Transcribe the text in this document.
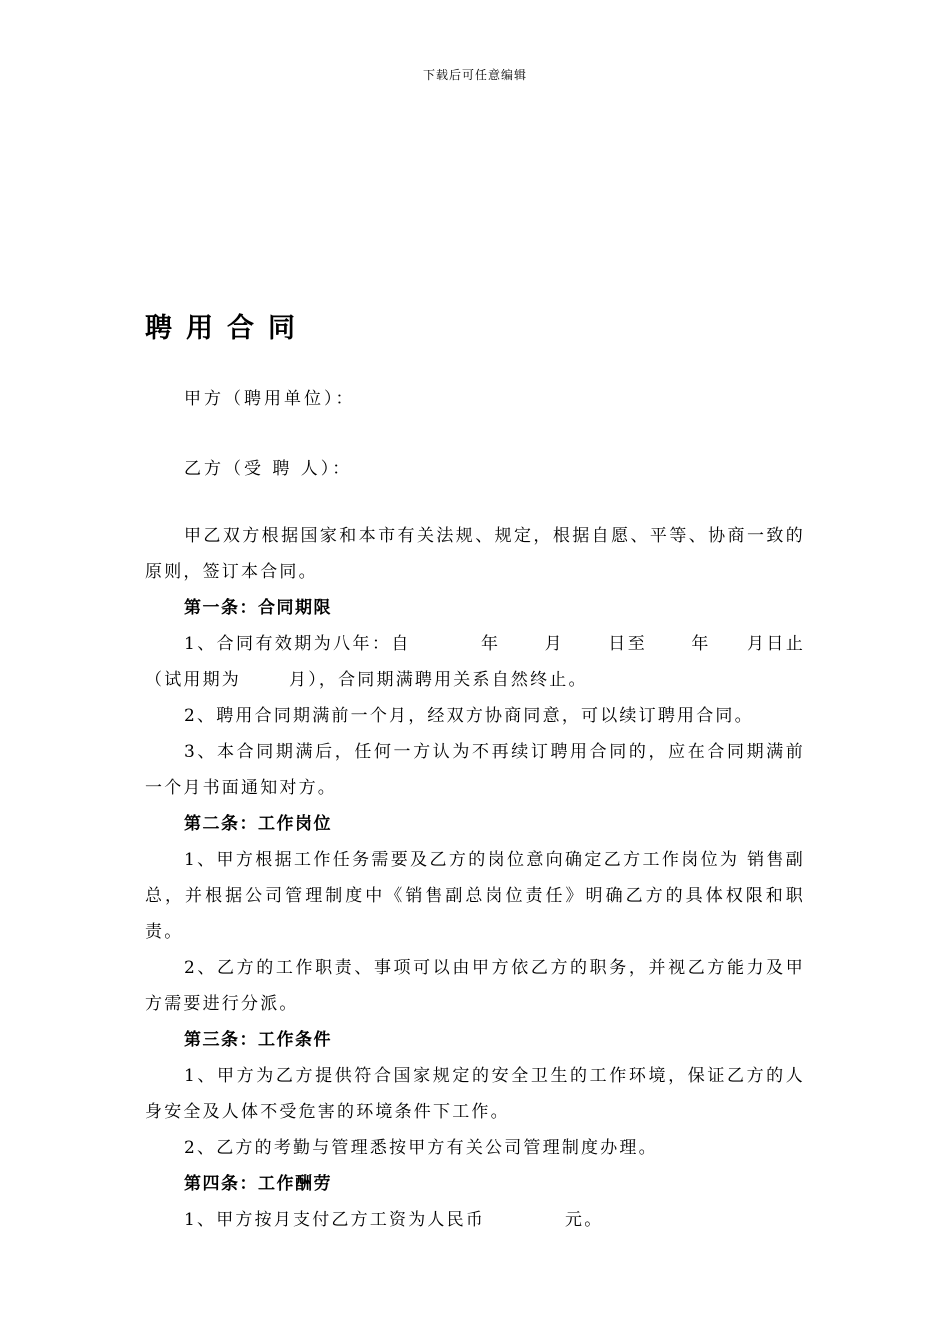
下载后可任意编辑
聘用合同
甲方（聘用单位）：
乙方（受 聘 人）：

甲乙双方根据国家和本市有关法规、规定，根据自愿、平等、协商一致的原则，签订本合同。

第一条：合同期限

1、合同有效期为八年：自	年	月	日至	年 月日止（试用期为	月），合同期满聘用关系自然终止。

2、聘用合同期满前一个月，经双方协商同意，可以续订聘用合同。

3、本合同期满后，任何一方认为不再续订聘用合同的，应在合同期满前一个月书面通知对方。

第二条：工作岗位

1、甲方根据工作任务需要及乙方的岗位意向确定乙方工作岗位为 销售副总，并根据公司管理制度中《销售副总岗位责任》明确乙方的具体权限和职责。

2、乙方的工作职责、事项可以由甲方依乙方的职务，并视乙方能力及甲方需要进行分派。

第三条：工作条件

1、甲方为乙方提供符合国家规定的安全卫生的工作环境，保证乙方的人身安全及人体不受危害的环境条件下工作。

2、乙方的考勤与管理悉按甲方有关公司管理制度办理。

第四条：工作酬劳

1、甲方按月支付乙方工资为人民币	元。
